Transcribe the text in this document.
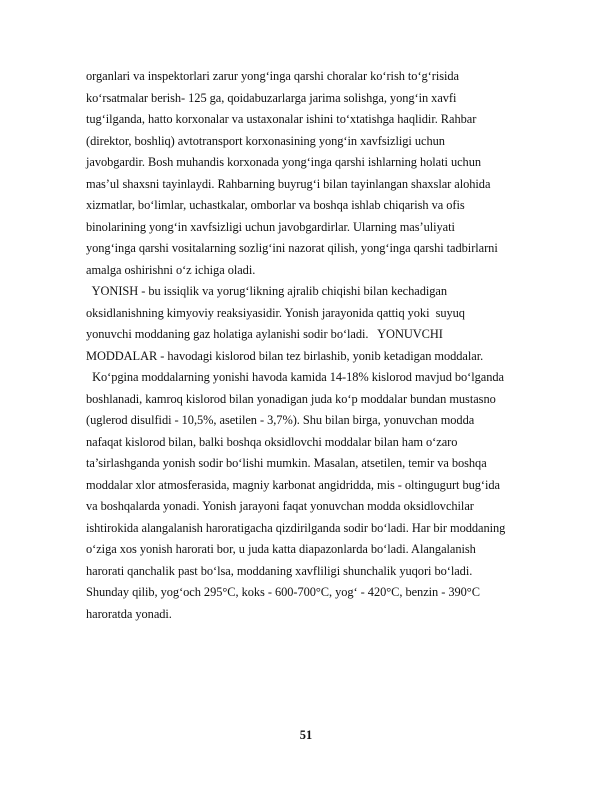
organlari va inspektorlari zarur yongʻinga qarshi choralar koʻrish toʻgʻrisida
koʻrsatmalar berish- 125 ga, qoidabuzarlarga jarima solishga, yongʻin xavfi
tugʻilganda, hatto korxonalar va ustaxonalar ishini toʻxtatishga haqlidir. Rahbar
(direktor, boshliq) avtotransport korxonasining yongʻin xavfsizligi uchun
javobgardir. Bosh muhandis korxonada yongʻinga qarshi ishlarning holati uchun
mas’ul shaxsni tayinlaydi. Rahbarning buyrugʻi bilan tayinlangan shaxslar alohida
xizmatlar, boʻlimlar, uchastkalar, omborlar va boshqa ishlab chiqarish va ofis
binolarining yongʻin xavfsizligi uchun javobgardirlar. Ularning mas’uliyati
yongʻinga qarshi vositalarning sozligʻini nazorat qilish, yongʻinga qarshi tadbirlarni
amalga oshirishni oʻz ichiga oladi.
YONISH - bu issiqlik va yorugʻlikning ajralib chiqishi bilan kechadigan
oksidlanishning kimyoviy reaksiyasidir. Yonish jarayonida qattiq yoki  suyuq
yonuvchi moddaning gaz holatiga aylanishi sodir boʻladi.   YONUVCHI
MODDALAR - havodagi kislorod bilan tez birlashib, yonib ketadigan moddalar.
Koʻpgina moddalarning yonishi havoda kamida 14-18% kislorod mavjud boʻlganda
boshlanadi, kamroq kislorod bilan yonadigan juda koʻp moddalar bundan mustasno
(uglerod disulfidi - 10,5%, asetilen - 3,7%). Shu bilan birga, yonuvchan modda
nafaqat kislorod bilan, balki boshqa oksidlovchi moddalar bilan ham oʻzaro
ta’sirlashganda yonish sodir boʻlishi mumkin. Masalan, atsetilen, temir va boshqa
moddalar xlor atmosferasida, magniy karbonat angidridda, mis - oltingugurt bugʻida
va boshqalarda yonadi. Yonish jarayoni faqat yonuvchan modda oksidlovchilar
ishtirokida alangalanish haroratigacha qizdirilganda sodir boʻladi. Har bir moddaning
oʻziga xos yonish harorati bor, u juda katta diapazonlarda boʻladi. Alangalanish
harorati qanchalik past boʻlsa, moddaning xavfliligi shunchalik yuqori boʻladi.
Shunday qilib, yogʻoch 295°C, koks - 600-700°C, yogʻ - 420°C, benzin - 390°C
haroratda yonadi.
51
